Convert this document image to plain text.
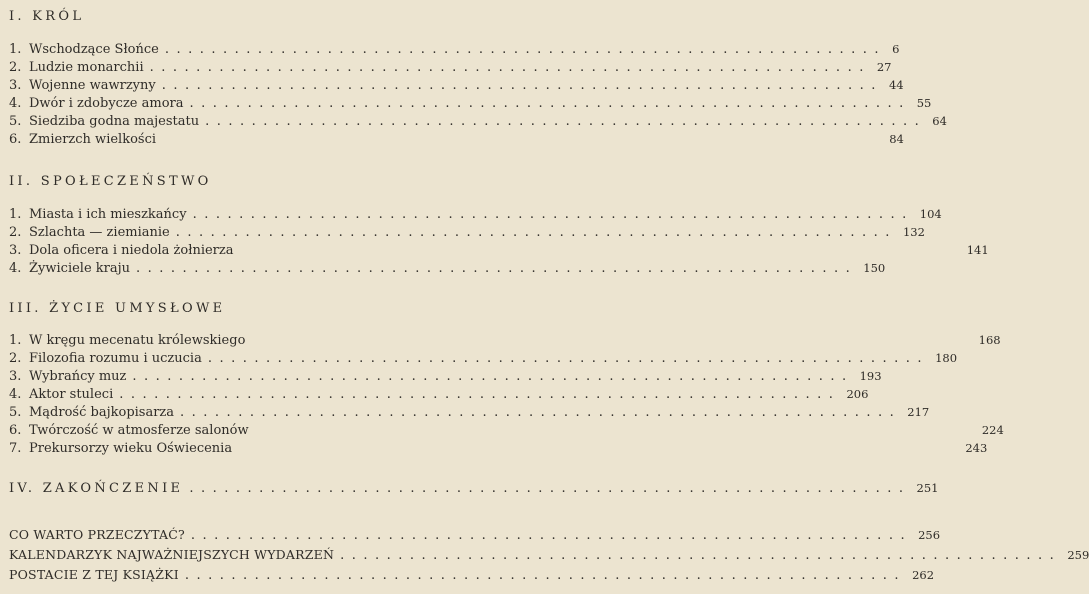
I. KRÓL
1. Wschodzące Słońce .............................................................. 6
2. Ludzie monarchii .............................................................. 27
3. Wojenne wawrzyny .............................................................. 44
4. Dwór i zdobycze amora .............................................................. 55
5. Siedziba godna majestatu .............................................................. 64
6. Zmierzch wielkości	84
II. SPOŁECZEŃSTWO
1. Miasta i ich mieszkańcy .............................................................. 104
2. Szlachta — ziemianie .............................................................. 132
3. Dola oficera i niedola żołnierza	141
4. Żywiciele kraju .............................................................. 150
III. ŻYCIE UMYSŁOWE
1. W kręgu mecenatu królewskiego	168
2. Filozofia rozumu i uczucia .............................................................. 180
3. Wybrańcy muz .............................................................. 193
4. Aktor stuleci .............................................................. 206
5. Mądrość bajkopisarza .............................................................. 217
6. Twórczość w atmosferze salonów	224
7. Prekursorzy wieku Oświecenia	243
IV. ZAKOŃCZENIE .............................................................. 251
CO WARTO PRZECZYTAĆ? .............................................................. 256
KALENDARZYK NAJWAŻNIEJSZYCH WYDARZEŃ .............................................................. 259
POSTACIE Z TEJ KSIĄŻKI .............................................................. 262
